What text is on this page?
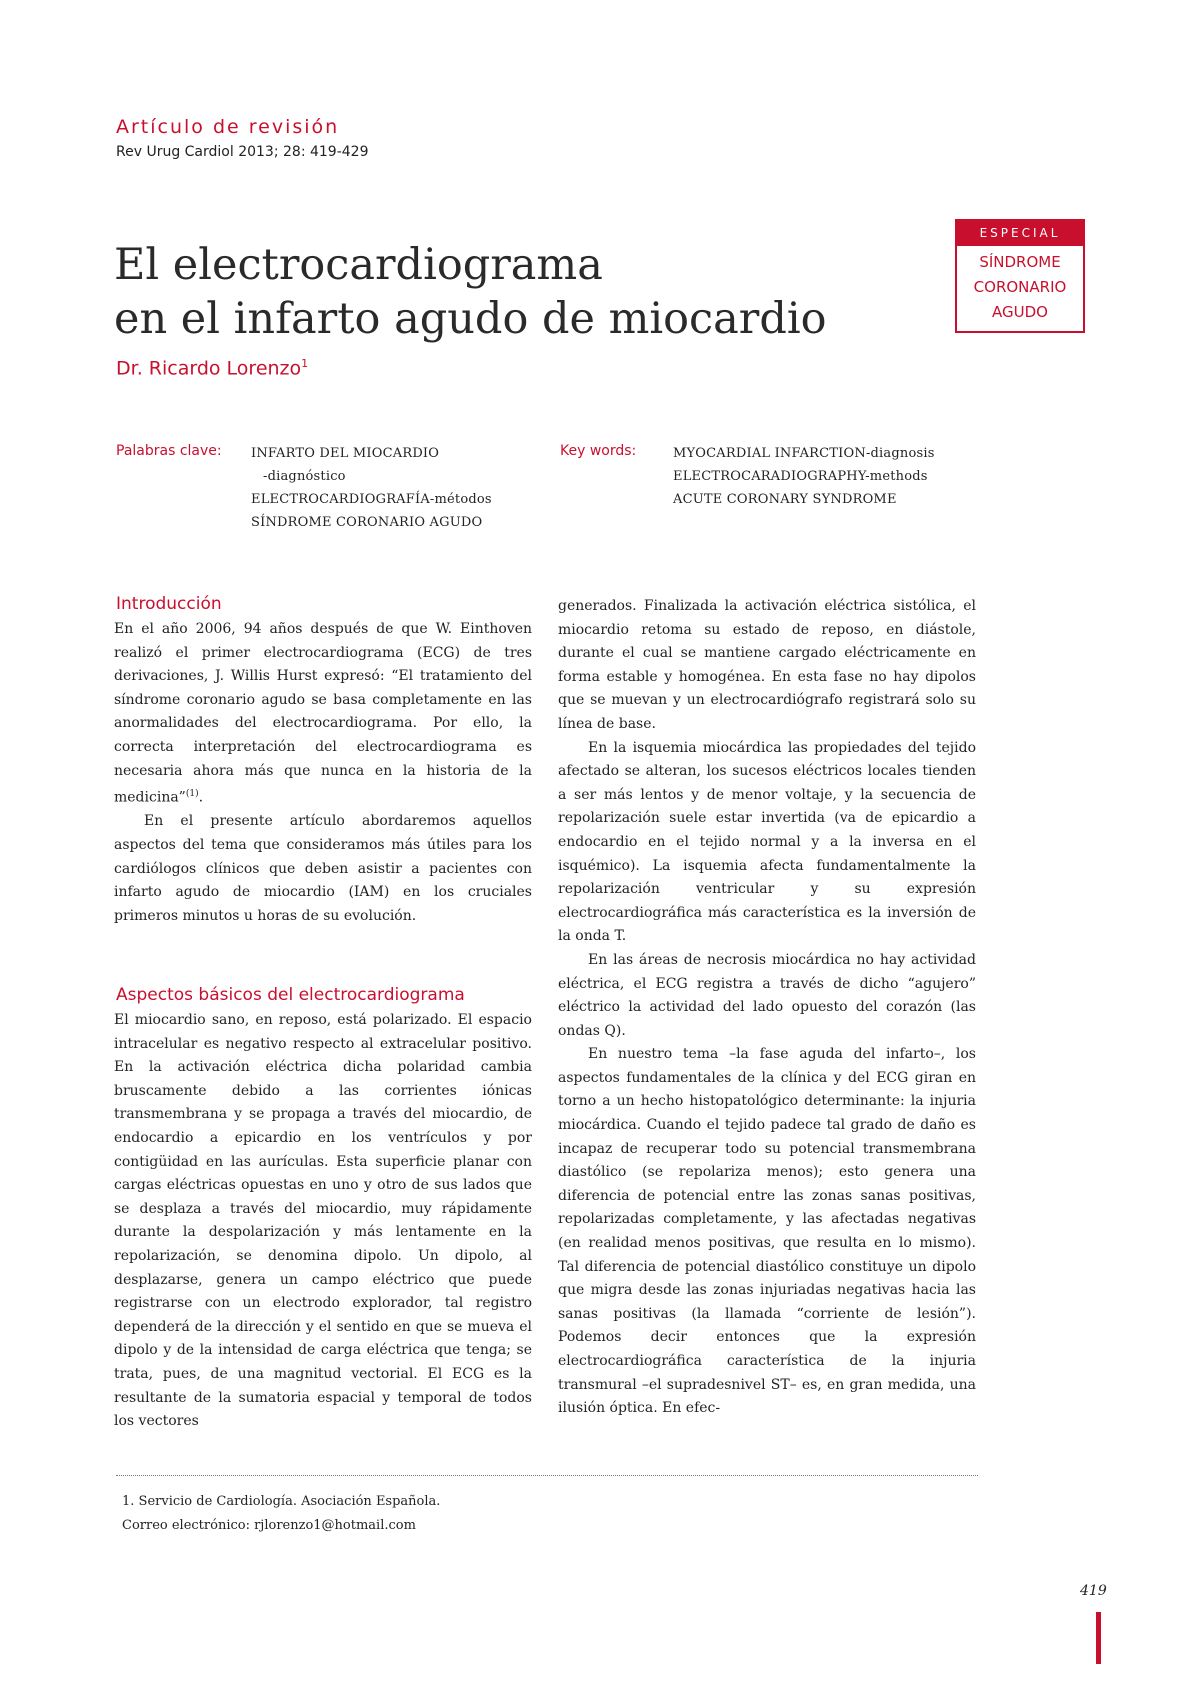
Artículo de revisión
Rev Urug Cardiol 2013; 28: 419-429
El electrocardiograma
en el infarto agudo de miocardio
Dr. Ricardo Lorenzo$^1$
ESPECIAL
SÍNDROME
CORONARIO
AGUDO
Palabras clave: INFARTO DEL MIOCARDIO
-diagnóstico
ELECTROCARDIOGRAFÍA-métodos
SÍNDROME CORONARIO AGUDO
Key words:	MYOCARDIAL INFARCTION-diagnosis
ELECTROCARADIOGRAPHY-methods
ACUTE CORONARY SYNDROME
Introducción

En el año 2006, 94 años después de que W. Einthoven realizó el primer electrocardiograma (ECG) de tres derivaciones, J. Willis Hurst expresó: “El tratamiento del síndrome coronario agudo se basa completamente en las anormalidades del electrocardiograma. Por ello, la correcta interpretación del electrocardiograma es necesaria ahora más que nunca en la historia de la medicina”$^{(1)}$.

En el presente artículo abordaremos aquellos aspectos del tema que consideramos más útiles para los cardiólogos clínicos que deben asistir a pacientes con infarto agudo de miocardio (IAM) en los cruciales primeros minutos u horas de su evolución.

Aspectos básicos del electrocardiograma

El miocardio sano, en reposo, está polarizado. El espacio intracelular es negativo respecto al extracelular positivo. En la activación eléctrica dicha polaridad cambia bruscamente debido a las corrientes iónicas transmembrana y se propaga a través del miocardio, de endocardio a epicardio en los ventrículos y por contigüidad en las aurículas. Esta superficie planar con cargas eléctricas opuestas en uno y otro de sus lados que se desplaza a través del miocardio, muy rápidamente durante la despolarización y más lentamente en la repolarización, se denomina dipolo. Un dipolo, al desplazarse, genera un campo eléctrico que puede registrarse con un electrodo explorador, tal registro dependerá de la dirección y el sentido en que se mueva el dipolo y de la intensidad de carga eléctrica que tenga; se trata, pues, de una magnitud vectorial. El ECG es la resultante de la sumatoria espacial y temporal de todos los vectores

generados. Finalizada la activación eléctrica sistólica, el miocardio retoma su estado de reposo, en diástole, durante el cual se mantiene cargado eléctricamente en forma estable y homogénea. En esta fase no hay dipolos que se muevan y un electrocardiógrafo registrará solo su línea de base.

En la isquemia miocárdica las propiedades del tejido afectado se alteran, los sucesos eléctricos locales tienden a ser más lentos y de menor voltaje, y la secuencia de repolarización suele estar invertida (va de epicardio a endocardio en el tejido normal y a la inversa en el isquémico). La isquemia afecta fundamentalmente la repolarización ventricular y su expresión electrocardiográfica más característica es la inversión de la onda T.

En las áreas de necrosis miocárdica no hay actividad eléctrica, el ECG registra a través de dicho “agujero” eléctrico la actividad del lado opuesto del corazón (las ondas Q).

En nuestro tema –la fase aguda del infarto–, los aspectos fundamentales de la clínica y del ECG giran en torno a un hecho histopatológico determinante: la injuria miocárdica. Cuando el tejido padece tal grado de daño es incapaz de recuperar todo su potencial transmembrana diastólico (se repolariza menos); esto genera una diferencia de potencial entre las zonas sanas positivas, repolarizadas completamente, y las afectadas negativas (en realidad menos positivas, que resulta en lo mismo). Tal diferencia de potencial diastólico constituye un dipolo que migra desde las zonas injuriadas negativas hacia las sanas positivas (la llamada “corriente de lesión”). Podemos decir entonces que la expresión electrocardiográfica característica de la injuria transmural –el supradesnivel ST– es, en gran medida, una ilusión óptica. En efec-

1. Servicio de Cardiología. Asociación Española.
Correo electrónico: rjlorenzo1@hotmail.com
419
